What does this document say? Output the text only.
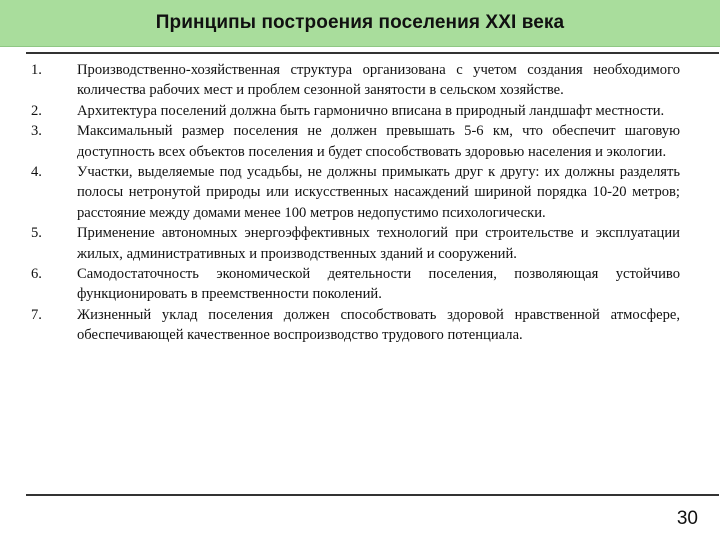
Принципы построения поселения XXI века
1.	Производственно-хозяйственная структура организована с учетом создания необходимого количества рабочих мест и проблем сезонной занятости в сельском хозяйстве.
2.	Архитектура поселений должна быть гармонично вписана в природный ландшафт местности.
3.	Максимальный размер поселения не должен превышать 5-6 км, что обеспечит шаговую доступность всех объектов поселения и будет способствовать здоровью населения и экологии.
4.	Участки, выделяемые под усадьбы, не должны примыкать друг к другу: их должны разделять полосы нетронутой природы или искусственных насаждений шириной порядка 10-20 метров; расстояние между домами менее 100 метров недопустимо психологически.
5.	Применение автономных энергоэффективных технологий при строительстве и эксплуатации жилых, административных и производственных зданий и сооружений.
6.	Самодостаточность экономической деятельности поселения, позволяющая устойчиво функционировать в преемственности поколений.
7.	Жизненный уклад поселения должен способствовать здоровой нравственной атмосфере, обеспечивающей качественное воспроизводство трудового потенциала.
30
